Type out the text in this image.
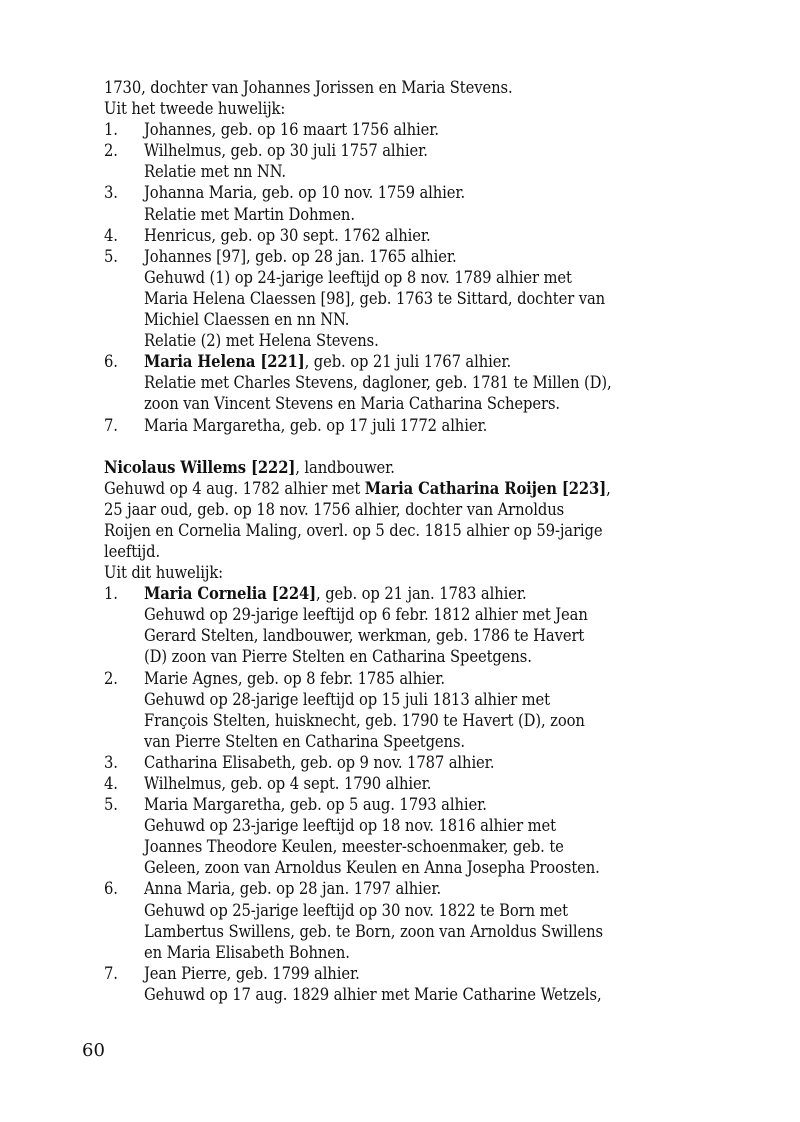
1730, dochter van Johannes Jorissen en Maria Stevens.
Uit het tweede huwelijk:
1. Johannes, geb. op 16 maart 1756 alhier.
2. Wilhelmus, geb. op 30 juli 1757 alhier.
Relatie met nn NN.
3. Johanna Maria, geb. op 10 nov. 1759 alhier.
Relatie met Martin Dohmen.
4. Henricus, geb. op 30 sept. 1762 alhier.
5. Johannes [97], geb. op 28 jan. 1765 alhier.
Gehuwd (1) op 24-jarige leeftijd op 8 nov. 1789 alhier met
Maria Helena Claessen [98], geb. 1763 te Sittard, dochter van
Michiel Claessen en nn NN.
Relatie (2) met Helena Stevens.
6. Maria Helena [221], geb. op 21 juli 1767 alhier.
Relatie met Charles Stevens, dagloner, geb. 1781 te Millen (D),
zoon van Vincent Stevens en Maria Catharina Schepers.
7. Maria Margaretha, geb. op 17 juli 1772 alhier.
Nicolaus Willems [222], landbouwer.
Gehuwd op 4 aug. 1782 alhier met Maria Catharina Roijen [223],
25 jaar oud, geb. op 18 nov. 1756 alhier, dochter van Arnoldus
Roijen en Cornelia Maling, overl. op 5 dec. 1815 alhier op 59-jarige
leeftijd.
Uit dit huwelijk:
1. Maria Cornelia [224], geb. op 21 jan. 1783 alhier.
Gehuwd op 29-jarige leeftijd op 6 febr. 1812 alhier met Jean
Gerard Stelten, landbouwer, werkman, geb. 1786 te Havert
(D) zoon van Pierre Stelten en Catharina Speetgens.
2. Marie Agnes, geb. op 8 febr. 1785 alhier.
Gehuwd op 28-jarige leeftijd op 15 juli 1813 alhier met
François Stelten, huisknecht, geb. 1790 te Havert (D), zoon
van Pierre Stelten en Catharina Speetgens.
3. Catharina Elisabeth, geb. op 9 nov. 1787 alhier.
4. Wilhelmus, geb. op 4 sept. 1790 alhier.
5. Maria Margaretha, geb. op 5 aug. 1793 alhier.
Gehuwd op 23-jarige leeftijd op 18 nov. 1816 alhier met
Joannes Theodore Keulen, meester-schoenmaker, geb. te
Geleen, zoon van Arnoldus Keulen en Anna Josepha Proosten.
6. Anna Maria, geb. op 28 jan. 1797 alhier.
Gehuwd op 25-jarige leeftijd op 30 nov. 1822 te Born met
Lambertus Swillens, geb. te Born, zoon van Arnoldus Swillens
en Maria Elisabeth Bohnen.
7. Jean Pierre, geb. 1799 alhier.
Gehuwd op 17 aug. 1829 alhier met Marie Catharine Wetzels,
60
